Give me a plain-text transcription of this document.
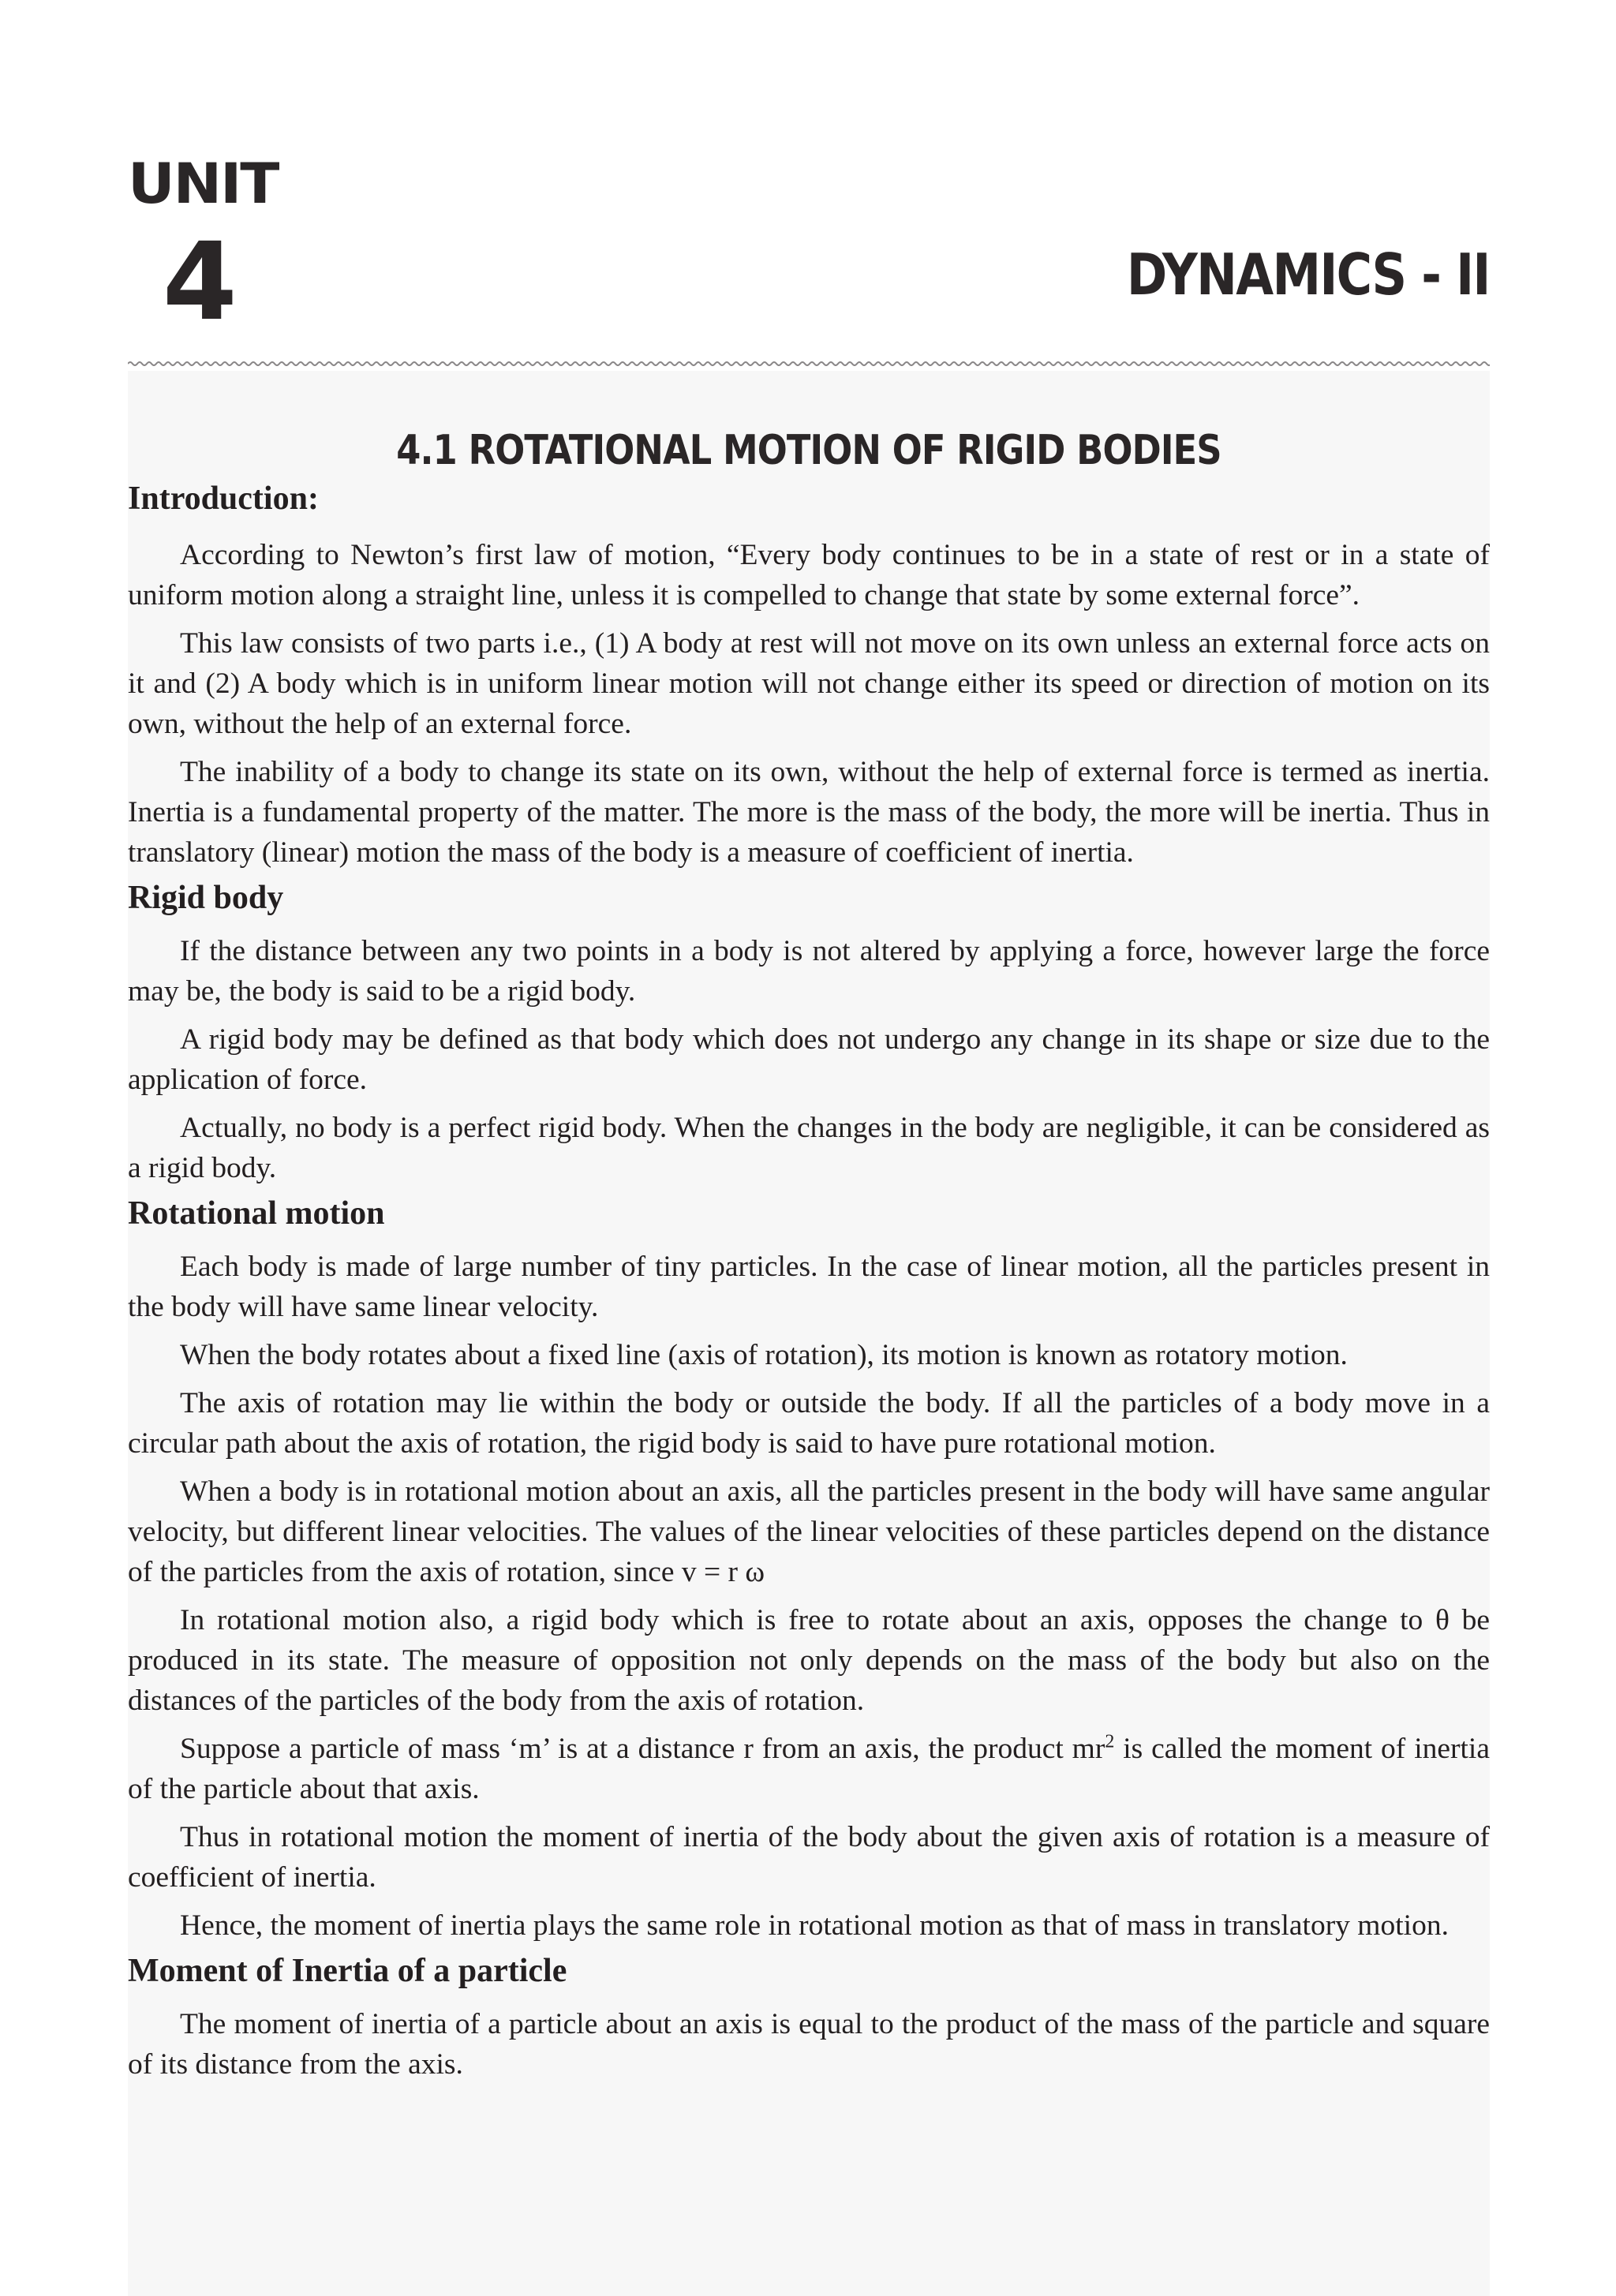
UNIT
4	DYNAMICS - II
4.1 ROTATIONAL MOTION OF RIGID BODIES
Introduction:

According to Newton’s first law of motion, “Every body continues to be in a state of rest or in a state of uniform motion along a straight line, unless it is compelled to change that state by some external force”.

This law consists of two parts i.e., (1) A body at rest will not move on its own unless an external force acts on it and (2) A body which is in uniform linear motion will not change either its speed or direction of motion on its own, without the help of an external force.

The inability of a body to change its state on its own, without the help of external force is termed as inertia. Inertia is a fundamental property of the matter. The more is the mass of the body, the more will be inertia. Thus in translatory (linear) motion the mass of the body is a measure of coefficient of inertia.

Rigid body

If the distance between any two points in a body is not altered by applying a force, however large the force may be, the body is said to be a rigid body.

A rigid body may be defined as that body which does not undergo any change in its shape or size due to the application of force.

Actually, no body is a perfect rigid body. When the changes in the body are negligible, it can be considered as a rigid body.

Rotational motion

Each body is made of large number of tiny particles. In the case of linear motion, all the particles present in the body will have same linear velocity.

When the body rotates about a fixed line (axis of rotation), its motion is known as rotatory motion.

The axis of rotation may lie within the body or outside the body. If all the particles of a body move in a circular path about the axis of rotation, the rigid body is said to have pure rotational motion.

When a body is in rotational motion about an axis, all the particles present in the body will have same angular velocity, but different linear velocities. The values of the linear velocities of these particles depend on the distance of the particles from the axis of rotation, since v = r ω

In rotational motion also, a rigid body which is free to rotate about an axis, opposes the change to θ be produced in its state. The measure of opposition not only depends on the mass of the body but also on the distances of the particles of the body from the axis of rotation.

Suppose a particle of mass ‘m’ is at a distance r from an axis, the product $mr^2$ is called the moment of inertia of the particle about that axis.

Thus in rotational motion the moment of inertia of the body about the given axis of rotation is a measure of coefficient of inertia.

Hence, the moment of inertia plays the same role in rotational motion as that of mass in translatory motion.

Moment of Inertia of a particle

The moment of inertia of a particle about an axis is equal to the product of the mass of the particle and square of its distance from the axis.
